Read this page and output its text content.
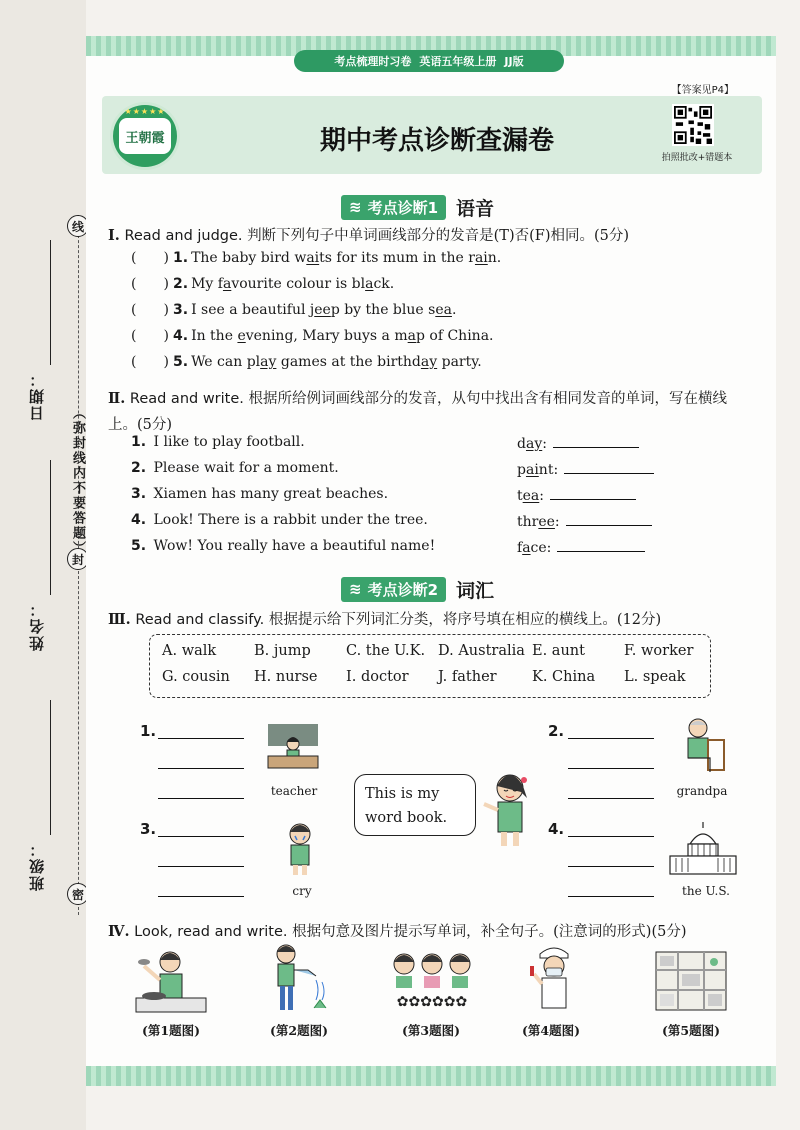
线
封
密
（弥封线内不要答题）
日期：
姓名：
班级：
考点梳理时习卷 英语五年级上册 JJ版
【答案见P4】
★★★★★
王朝霞	期中考点诊断查漏卷
拍照批改+错题本
≋ 考点诊断1 语音
Ⅰ. Read and judge. 判断下列句子中单词画线部分的发音是(T)否(F)相同。(5分)
( ) 1. The baby bird waits for its mum in the rain.
( ) 2. My favourite colour is black.
( ) 3. I see a beautiful jeep by the blue sea.
( ) 4. In the evening, Mary buys a map of China.
( ) 5. We can play games at the birthday party.
Ⅱ. Read and write. 根据所给例词画线部分的发音，从句中找出含有相同发音的单词，写在横线
上。(5分)
1. I like to play football.	day:
2. Please wait for a moment.	paint:
3. Xiamen has many great beaches.	tea:
4. Look! There is a rabbit under the tree.	three:
5. Wow! You really have a beautiful name!	face:
≋ 考点诊断2 词汇
Ⅲ. Read and classify. 根据提示给下列词汇分类，将序号填在相应的横线上。(12分)
A. walk	B. jump C. the U.K. D. Australia E. aunt	F. worker
G. cousin H. nurse I. doctor J. father K. China L. speak
1.
3.
2.
4.
teacher
cry
grandpa
the U.S.
This is my word book.
Ⅳ. Look, read and write. 根据句意及图片提示写单词，补全句子。(注意词的形式)(5分)
✿✿✿✿✿✿
(第1题图)	(第2题图)	(第3题图)	(第4题图)	(第5题图)
